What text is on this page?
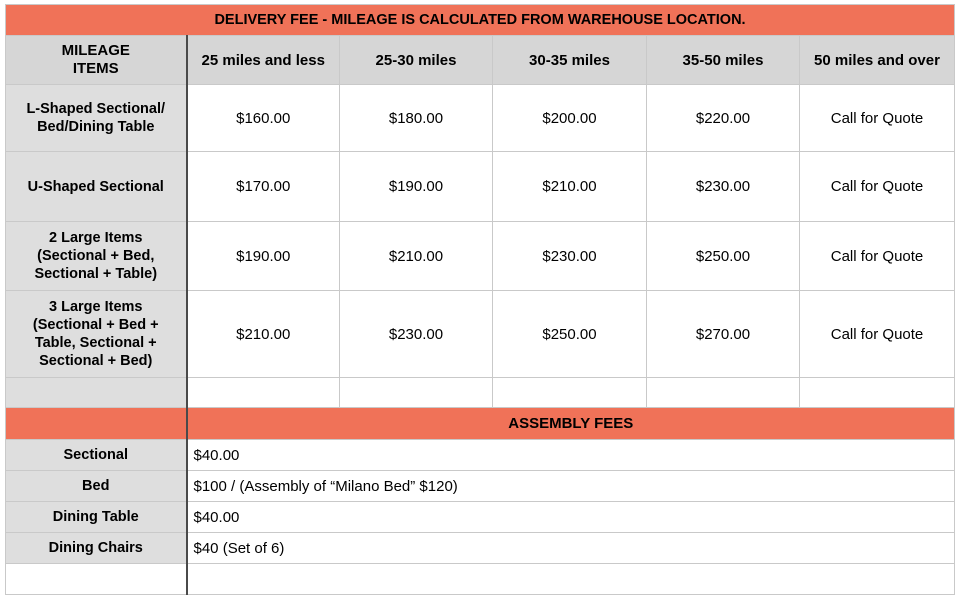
DELIVERY FEE - MILEAGE IS CALCULATED FROM WAREHOUSE LOCATION.					

MILEAGE
ITEMS	25 miles and less	25-30 miles	30-35 miles	35-50 miles	50 miles and over

L-Shaped Sectional/
Bed/Dining Table	$160.00	$180.00	$200.00	$220.00	Call for Quote

U-Shaped Sectional	$170.00	$190.00	$210.00	$230.00	Call for Quote

2 Large Items
(Sectional + Bed,
Sectional + Table)	$190.00	$210.00	$230.00	$250.00	Call for Quote

3 Large Items
(Sectional + Bed +
Table, Sectional +
Sectional + Bed)	$210.00	$230.00	$250.00	$270.00	Call for Quote

	ASSEMBLY FEES				
Sectional	$40.00				
Bed	$100 / (Assembly of “Milano Bed” $120)				
Dining Table	$40.00				
Dining Chairs	$40 (Set of 6)				
